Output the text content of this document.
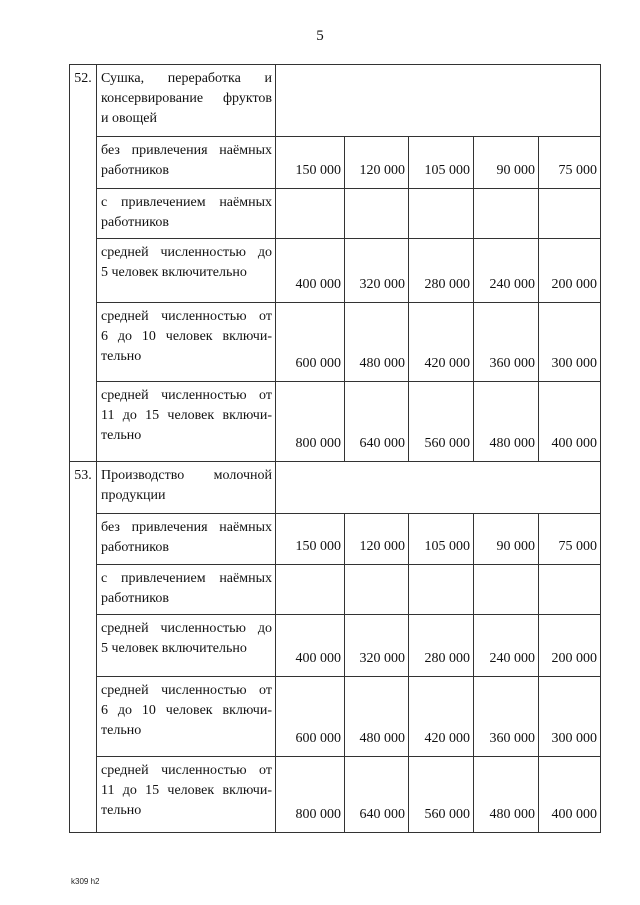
5
52.	Сушка, переработка и
консервирование фруктов
и овощей					

	без привлечения наёмных
работников	150 000	120 000	105 000	90 000	75 000

	с привлечением наёмных
работников					

	средней численностью до
5 человек включительно	400 000	320 000	280 000	240 000	200 000

	средней численностью от
6 до 10 человек включи-
тельно	600 000	480 000	420 000	360 000	300 000

	средней численностью от
11 до 15 человек включи-
тельно	800 000	640 000	560 000	480 000	400 000
53.	Производство молочной
продукции					

	без привлечения наёмных
работников	150 000	120 000	105 000	90 000	75 000

	с привлечением наёмных
работников					

	средней численностью до
5 человек включительно	400 000	320 000	280 000	240 000	200 000

	средней численностью от
6 до 10 человек включи-
тельно	600 000	480 000	420 000	360 000	300 000

	средней численностью от
11 до 15 человек включи-
тельно	800 000	640 000	560 000	480 000	400 000
k309 h2
